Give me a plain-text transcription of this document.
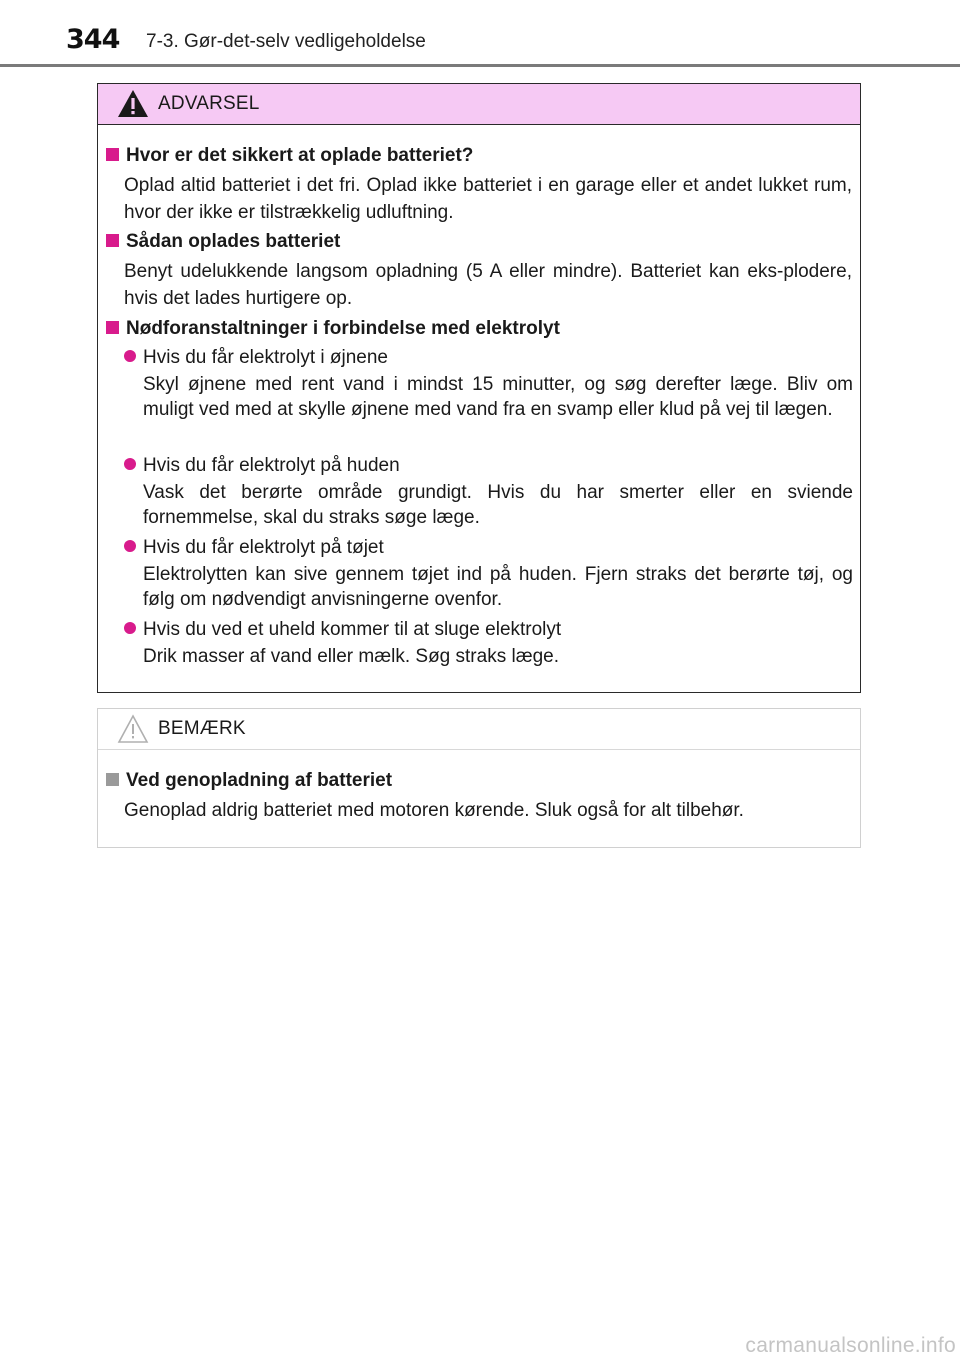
344 7-3. Gør-det-selv vedligeholdelse
ADVARSEL
Hvor er det sikkert at oplade batteriet?
Oplad altid batteriet i det fri. Oplad ikke batteriet i en garage eller et andet lukket rum, hvor der ikke er tilstrækkelig udluftning.
Sådan oplades batteriet
Benyt udelukkende langsom opladning (5 A eller mindre). Batteriet kan eks-plodere, hvis det lades hurtigere op.
Nødforanstaltninger i forbindelse med elektrolyt
Hvis du får elektrolyt i øjnene
Skyl øjnene med rent vand i mindst 15 minutter, og søg derefter læge. Bliv om muligt ved med at skylle øjnene med vand fra en svamp eller klud på vej til lægen.
Hvis du får elektrolyt på huden
Vask det berørte område grundigt. Hvis du har smerter eller en sviende fornemmelse, skal du straks søge læge.
Hvis du får elektrolyt på tøjet
Elektrolytten kan sive gennem tøjet ind på huden. Fjern straks det berørte tøj, og følg om nødvendigt anvisningerne ovenfor.
Hvis du ved et uheld kommer til at sluge elektrolyt
Drik masser af vand eller mælk. Søg straks læge.
BEMÆRK
Ved genopladning af batteriet
Genoplad aldrig batteriet med motoren kørende. Sluk også for alt tilbehør.
carmanualsonline.info
